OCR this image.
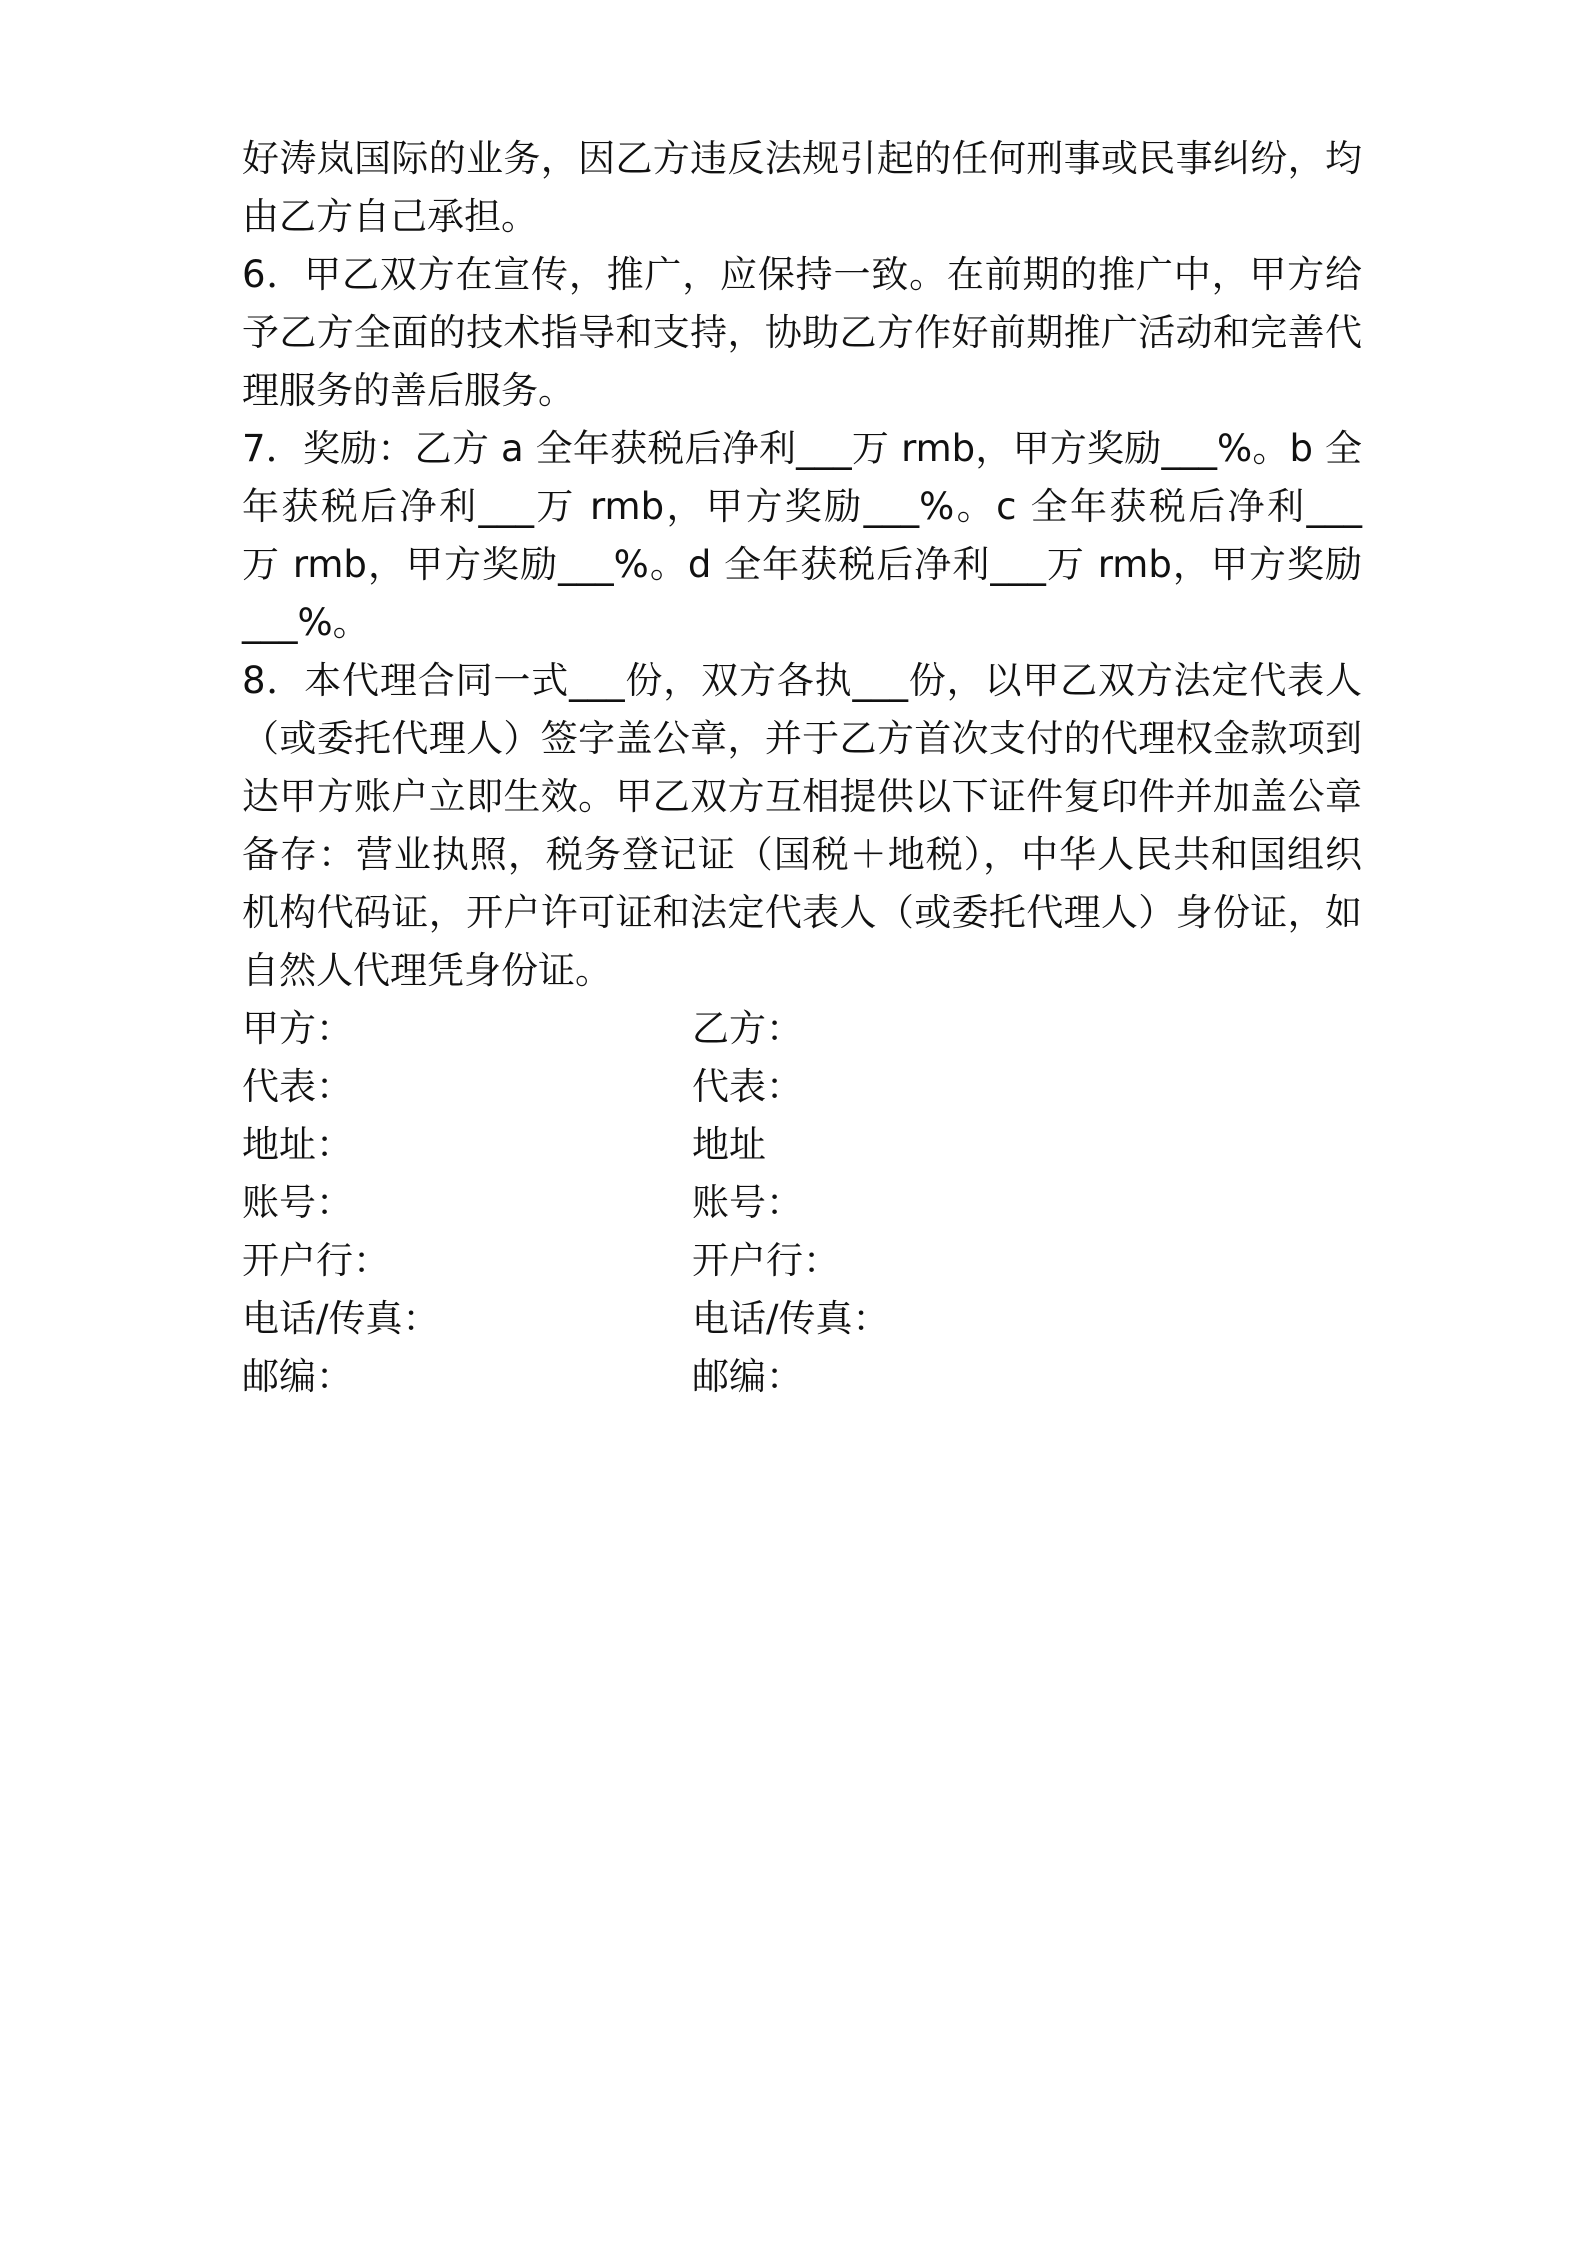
好涛岚国际的业务，因乙方违反法规引起的任何刑事或民事纠纷，均
由乙方自己承担。
6．甲乙双方在宣传，推广，应保持一致。在前期的推广中，甲方给
予乙方全面的技术指导和支持，协助乙方作好前期推广活动和完善代
理服务的善后服务。
7．奖励：乙方 a 全年获税后净利___万 rmb，甲方奖励___%。b 全
年获税后净利___万 rmb，甲方奖励___%。c 全年获税后净利___
万 rmb，甲方奖励___%。d 全年获税后净利___万 rmb，甲方奖励
___%。
8．本代理合同一式___份，双方各执___份，以甲乙双方法定代表人
（或委托代理人）签字盖公章，并于乙方首次支付的代理权金款项到
达甲方账户立即生效。甲乙双方互相提供以下证件复印件并加盖公章
备存：营业执照，税务登记证（国税＋地税），中华人民共和国组织
机构代码证，开户许可证和法定代表人（或委托代理人）身份证，如
自然人代理凭身份证。
甲方：	乙方：
代表：	代表：
地址：	地址
账号：	账号：
开户行：	开户行：
电话/传真：	电话/传真：
邮编：	邮编：
